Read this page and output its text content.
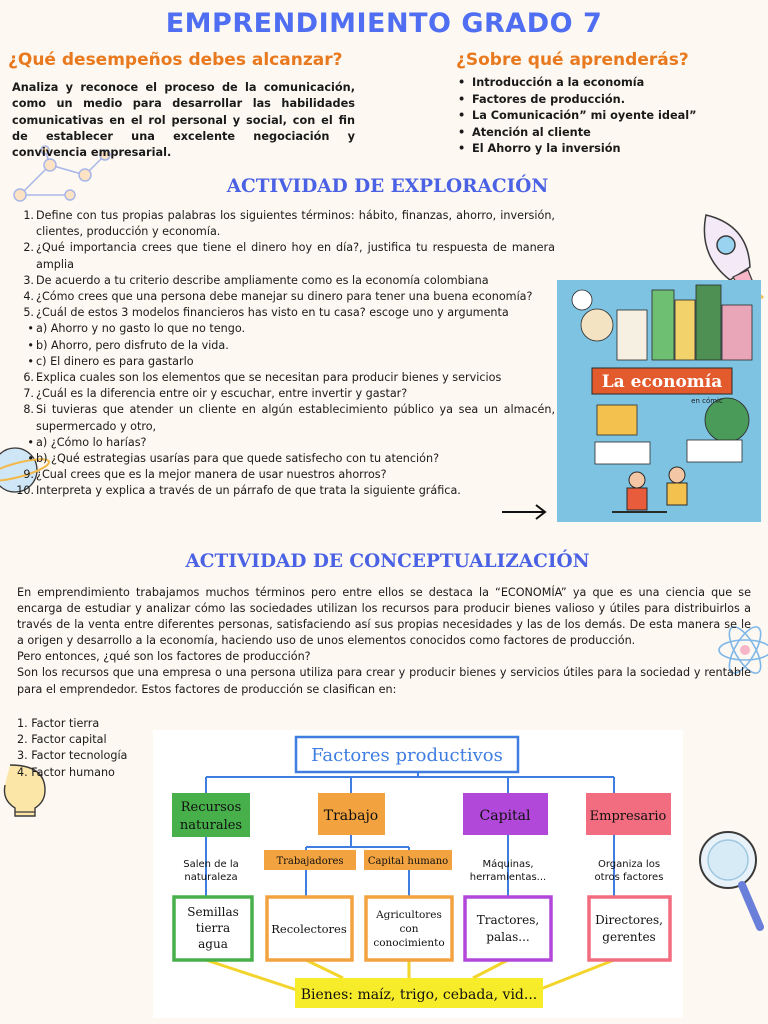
EMPRENDIMIENTO GRADO 7
¿Qué desempeños debes alcanzar?	¿Sobre qué aprenderás?

Analiza y reconoce el proceso de la comunicación, como un medio para desarrollar las habilidades comunicativas en el rol personal y social, con el fin de establecer una excelente negociación y convivencia empresarial.

• Introducción a la economía
• Factores de producción.
• La Comunicación” mi oyente ideal”
• Atención al cliente
• El Ahorro y la inversión
ACTIVIDAD DE EXPLORACIÓN
1. Define con tus propias palabras los siguientes términos: hábito, finanzas, ahorro, inversión, clientes, producción y economía.
2. ¿Qué importancia crees que tiene el dinero hoy en día?, justifica tu respuesta de manera amplia
3. De acuerdo a tu criterio describe ampliamente como es la economía colombiana
4. ¿Cómo crees que una persona debe manejar su dinero para tener una buena economía?
5. ¿Cuál de estos 3 modelos financieros has visto en tu casa? escoge uno y argumenta
• a) Ahorro y no gasto lo que no tengo.
• b) Ahorro, pero disfruto de la vida.
• c) El dinero es para gastarlo
6. Explica cuales son los elementos que se necesitan para producir bienes y servicios
7. ¿Cuál es la diferencia entre oir y escuchar, entre invertir y gastar?
8. Si tuvieras que atender un cliente en algún establecimiento público ya sea un almacén, supermercado y otro,
• a) ¿Cómo lo harías?
• b) ¿Qué estrategias usarías para que quede satisfecho con tu atención?
9. ¿Cual crees que es la mejor manera de usar nuestros ahorros?
10. Interpreta y explica a través de un párrafo de que trata la siguiente gráfica.
La economía
en cómic
ACTIVIDAD DE CONCEPTUALIZACIÓN

En emprendimiento trabajamos muchos términos pero entre ellos se destaca la “ECONOMÍA” ya que es una ciencia que se encarga de estudiar y analizar cómo las sociedades utilizan los recursos para producir bienes valioso y útiles para distribuirlos a través de la venta entre diferentes personas, satisfaciendo así sus propias necesidades y las de los demás. De esta manera se le a origen y desarrollo a la economía, haciendo uso de unos elementos conocidos como factores de producción.

Pero entonces, ¿qué son los factores de producción?

Son los recursos que una empresa o una persona utiliza para crear y producir bienes y servicios útiles para la sociedad y rentable para el emprendedor. Estos factores de producción se clasifican en:

1. Factor tierra
2. Factor capital
3. Factor tecnología
4. Factor humano
Factores productivos
Recursos
naturales
Trabajo	Capital	Empresario
Salen de la
naturaleza
Trabajadores Capital humano	Máquinas,
herramientas...
Organiza los
otros factores
Semillas
tierra
agua
Recolectores
Agricultores
con
conocimiento
Tractores,
palas...
Directores,
gerentes
Bienes: maíz, trigo, cebada, vid...
